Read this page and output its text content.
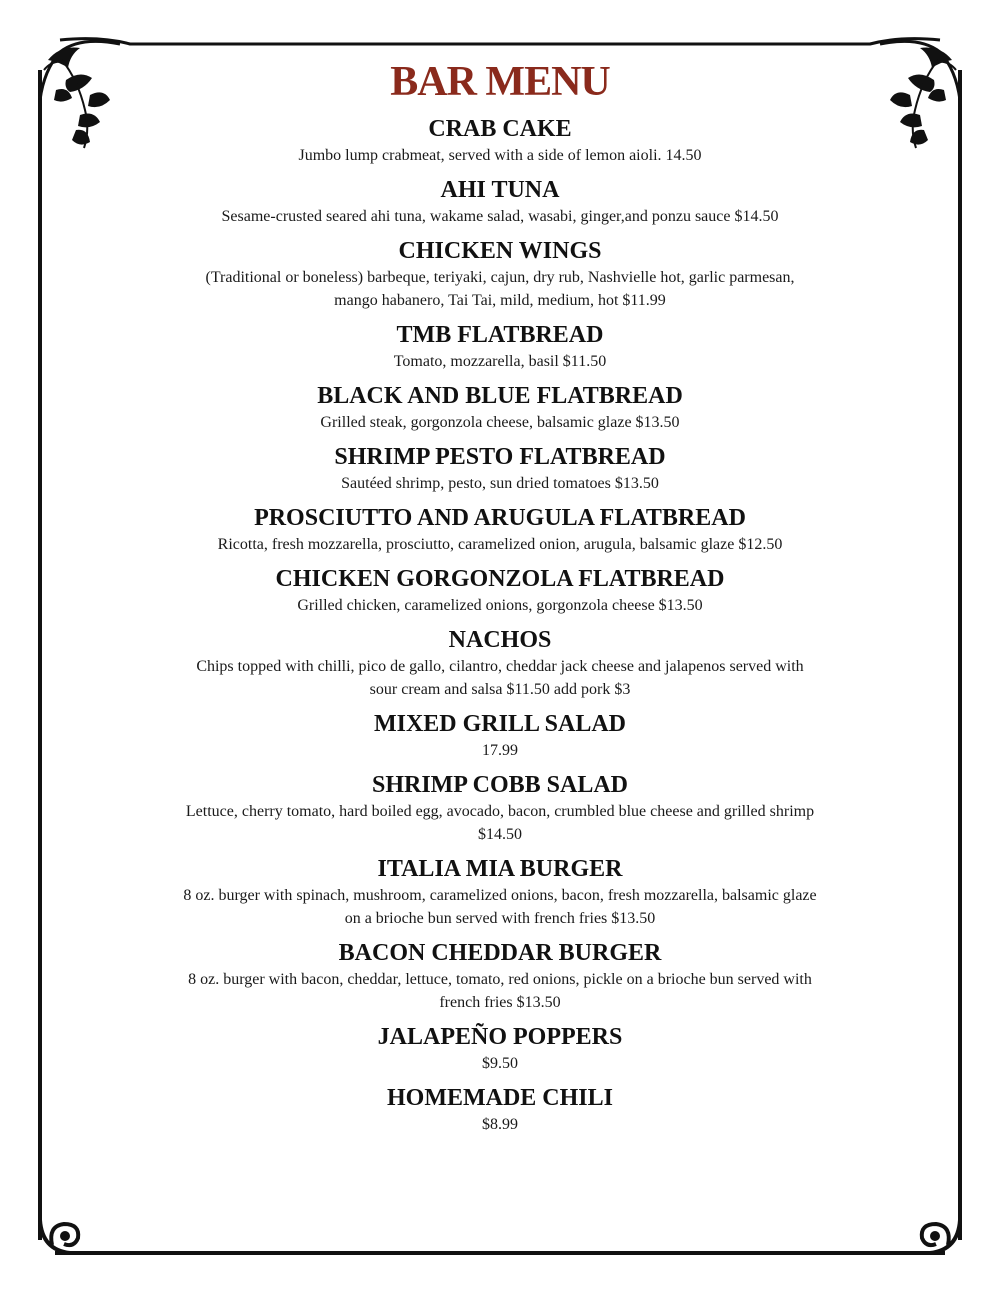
BAR MENU
CRAB CAKE
Jumbo lump crabmeat, served with a side of lemon aioli. 14.50
AHI TUNA
Sesame-crusted seared ahi tuna, wakame salad, wasabi, ginger,and ponzu sauce $14.50
CHICKEN WINGS
(Traditional or boneless) barbeque, teriyaki, cajun, dry rub, Nashvielle hot, garlic parmesan,
mango habanero, Tai Tai, mild, medium, hot $11.99
TMB FLATBREAD
Tomato, mozzarella, basil $11.50
BLACK AND BLUE FLATBREAD
Grilled steak, gorgonzola cheese, balsamic glaze $13.50
SHRIMP PESTO FLATBREAD
Sautéed shrimp, pesto, sun dried tomatoes $13.50
PROSCIUTTO AND ARUGULA FLATBREAD
Ricotta, fresh mozzarella, prosciutto, caramelized onion, arugula, balsamic glaze $12.50
CHICKEN GORGONZOLA FLATBREAD
Grilled chicken, caramelized onions, gorgonzola cheese $13.50
NACHOS
Chips topped with chilli, pico de gallo, cilantro, cheddar jack cheese and jalapenos served with
sour cream and salsa $11.50 add pork $3
MIXED GRILL SALAD
17.99
SHRIMP COBB SALAD
Lettuce, cherry tomato, hard boiled egg, avocado, bacon, crumbled blue cheese and grilled shrimp
$14.50
ITALIA MIA BURGER
8 oz. burger with spinach, mushroom, caramelized onions, bacon, fresh mozzarella, balsamic glaze
on a brioche bun served with french fries $13.50
BACON CHEDDAR BURGER
8 oz. burger with bacon, cheddar, lettuce, tomato, red onions, pickle on a brioche bun served with
french fries $13.50
JALAPEÑO POPPERS
$9.50
HOMEMADE CHILI
$8.99
